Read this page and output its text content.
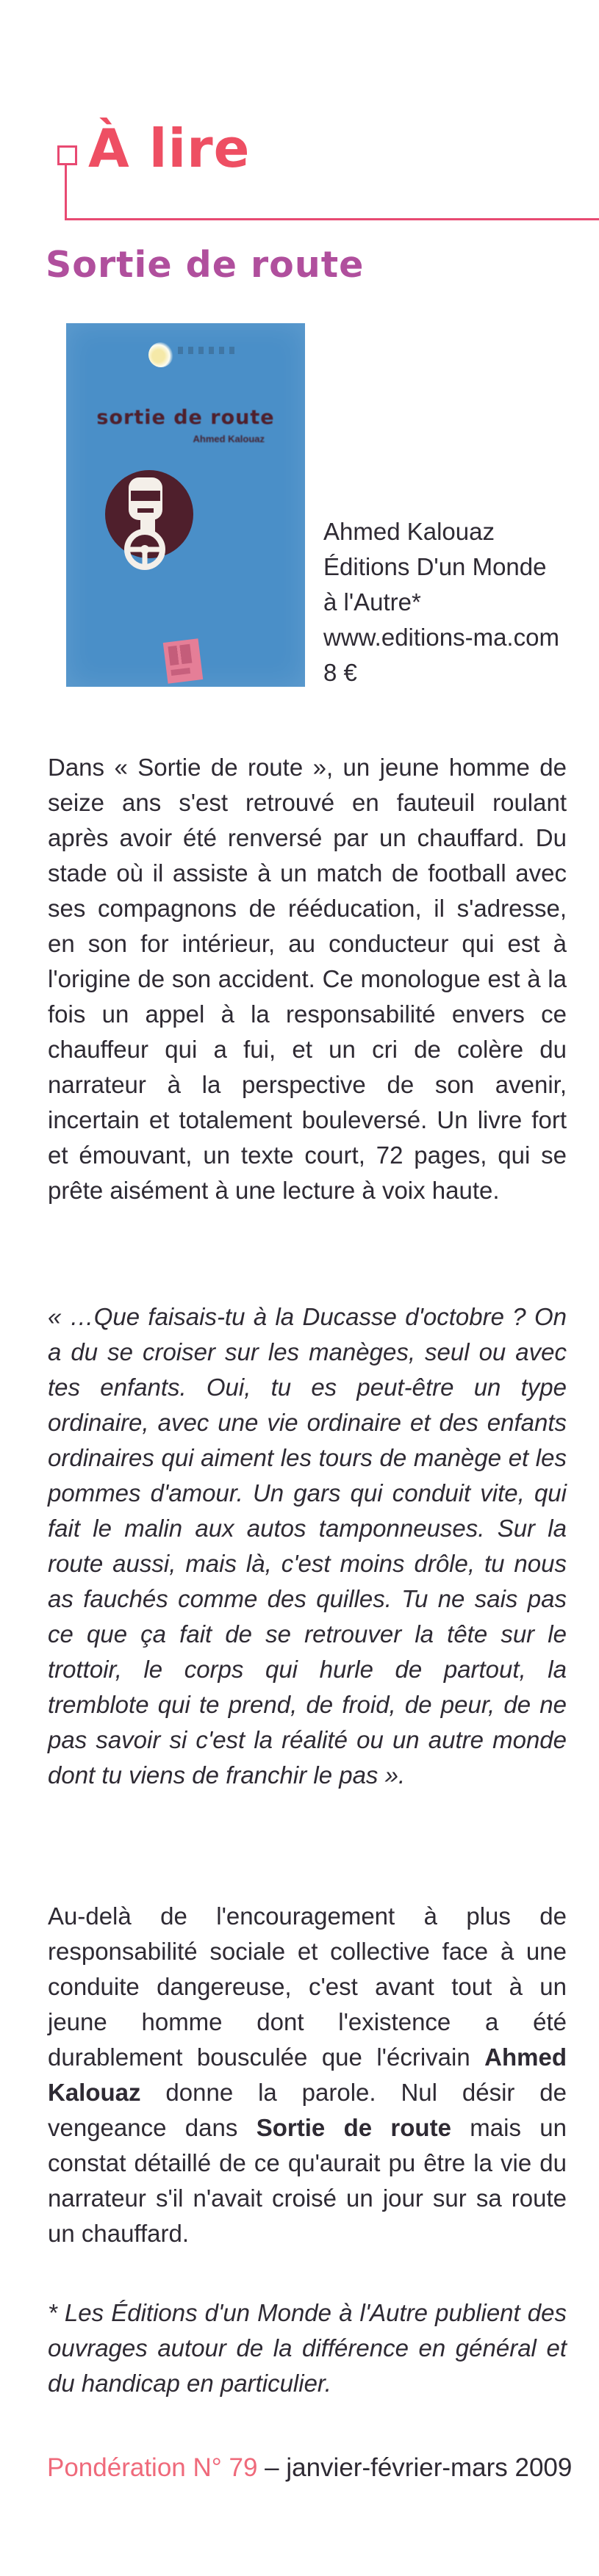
À lire
Sortie de route
sortie de route
Ahmed Kalouaz
Ahmed Kalouaz
Éditions D'un Monde
à l'Autre*
www.editions-ma.com
8 €

Dans « Sortie de route », un jeune homme de seize ans s'est retrouvé en fauteuil roulant après avoir été renversé par un chauffard. Du stade où il assiste à un match de football avec ses compagnons de rééducation, il s'adresse, en son for intérieur, au conducteur qui est à l'origine de son accident. Ce monologue est à la fois un appel à la responsabilité envers ce chauffeur qui a fui, et un cri de colère du narrateur à la perspective de son avenir, incertain et totalement bouleversé. Un livre fort et émouvant, un texte court, 72 pages, qui se prête aisément à une lecture à voix haute.

« …Que faisais-tu à la Ducasse d'octobre ? On a du se croiser sur les manèges, seul ou avec tes enfants. Oui, tu es peut-être un type ordinaire, avec une vie ordinaire et des enfants ordinaires qui aiment les tours de manège et les pommes d'amour. Un gars qui conduit vite, qui fait le malin aux autos tamponneuses. Sur la route aussi, mais là, c'est moins drôle, tu nous as fauchés comme des quilles. Tu ne sais pas ce que ça fait de se retrouver la tête sur le trottoir, le corps qui hurle de partout, la tremblote qui te prend, de froid, de peur, de ne pas savoir si c'est la réalité ou un autre monde dont tu viens de franchir le pas ».

Au-delà de l'encouragement à plus de responsabilité sociale et collective face à une conduite dangereuse, c'est avant tout à un jeune homme dont l'existence a été durablement bousculée que l'écrivain Ahmed Kalouaz donne la parole. Nul désir de vengeance dans Sortie de route mais un constat détaillé de ce qu'aurait pu être la vie du narrateur s'il n'avait croisé un jour sur sa route un chauffard.

* Les Éditions d'un Monde à l'Autre publient des ouvrages autour de la différence en général et du handicap en particulier.

Pondération N° 79 – janvier-février-mars 2009
